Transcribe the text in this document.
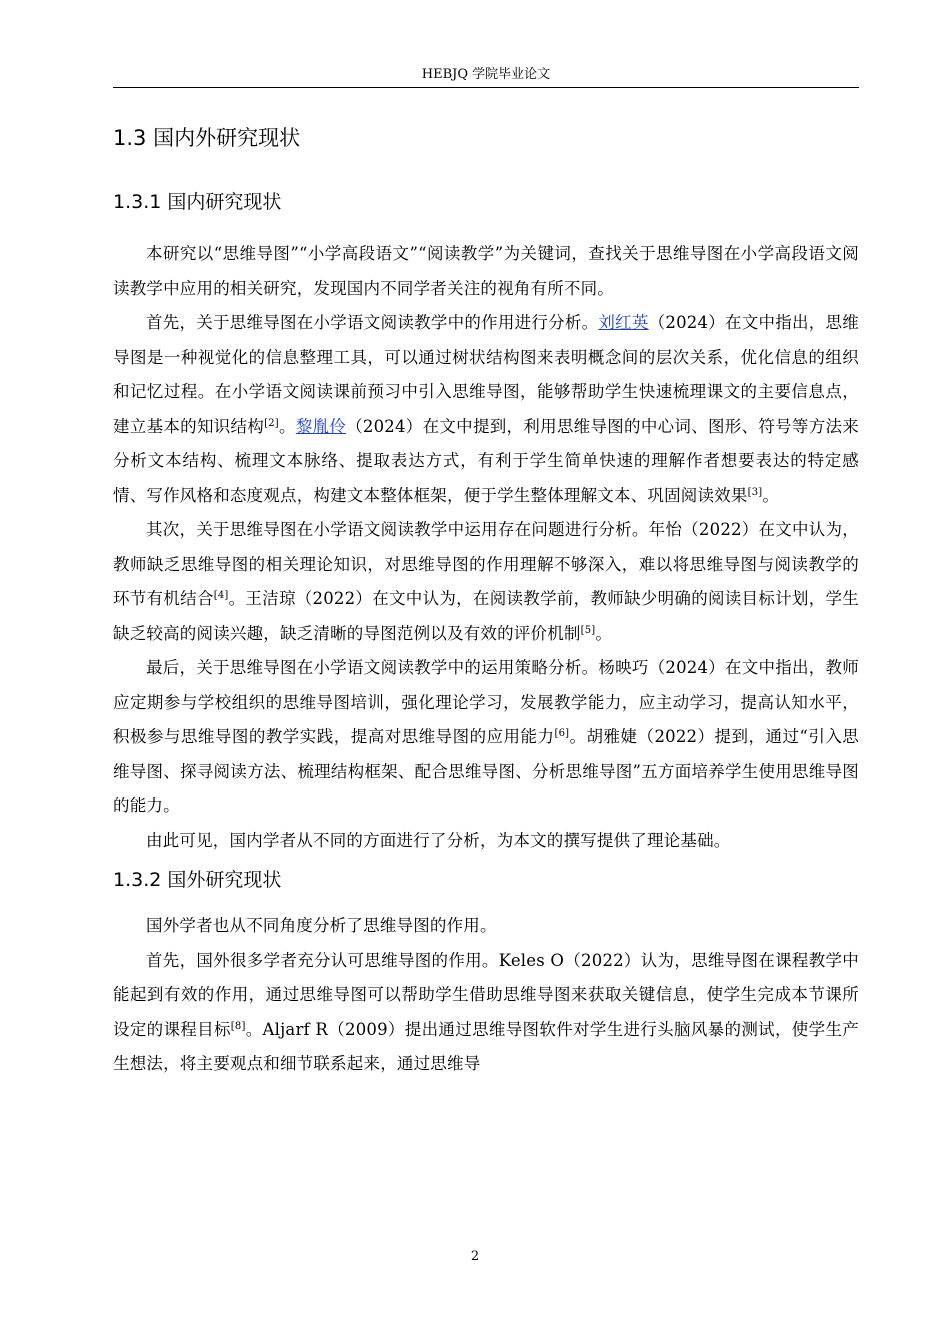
HEBJQ 学院毕业论文
1.3 国内外研究现状
1.3.1 国内研究现状

本研究以“思维导图”“小学高段语文”“阅读教学”为关键词，查找关于思维导图在小学高段语文阅读教学中应用的相关研究，发现国内不同学者关注的视角有所不同。

首先，关于思维导图在小学语文阅读教学中的作用进行分析。刘红英（2024）在文中指出，思维导图是一种视觉化的信息整理工具，可以通过树状结构图来表明概念间的层次关系，优化信息的组织和记忆过程。在小学语文阅读课前预习中引入思维导图，能够帮助学生快速梳理课文的主要信息点，建立基本的知识结构[2]。黎胤伶（2024）在文中提到，利用思维导图的中心词、图形、符号等方法来分析文本结构、梳理文本脉络、提取表达方式，有利于学生简单快速的理解作者想要表达的特定感情、写作风格和态度观点，构建文本整体框架，便于学生整体理解文本、巩固阅读效果[3]。

其次，关于思维导图在小学语文阅读教学中运用存在问题进行分析。年怡（2022）在文中认为，教师缺乏思维导图的相关理论知识，对思维导图的作用理解不够深入，难以将思维导图与阅读教学的环节有机结合[4]。王洁琼（2022）在文中认为，在阅读教学前，教师缺少明确的阅读目标计划，学生缺乏较高的阅读兴趣，缺乏清晰的导图范例以及有效的评价机制[5]。

最后，关于思维导图在小学语文阅读教学中的运用策略分析。杨映巧（2024）在文中指出，教师应定期参与学校组织的思维导图培训，强化理论学习，发展教学能力，应主动学习，提高认知水平，积极参与思维导图的教学实践，提高对思维导图的应用能力[6]。胡雅婕（2022）提到，通过“引入思维导图、探寻阅读方法、梳理结构框架、配合思维导图、分析思维导图”五方面培养学生使用思维导图的能力。

由此可见，国内学者从不同的方面进行了分析，为本文的撰写提供了理论基础。

1.3.2 国外研究现状

国外学者也从不同角度分析了思维导图的作用。

首先，国外很多学者充分认可思维导图的作用。Keles O（2022）认为，思维导图在课程教学中能起到有效的作用，通过思维导图可以帮助学生借助思维导图来获取关键信息，使学生完成本节课所设定的课程目标[8]。Aljarf R（2009）提出通过思维导图软件对学生进行头脑风暴的测试，使学生产生想法，将主要观点和细节联系起来，通过思维导

2
